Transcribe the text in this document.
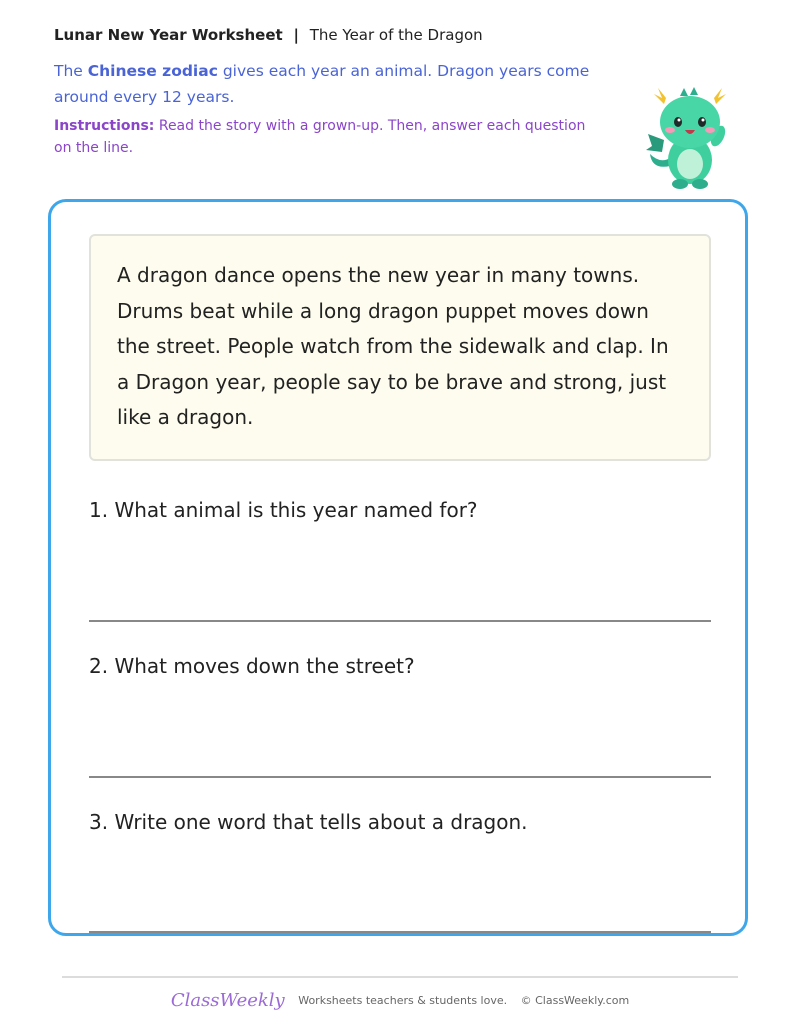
Lunar New Year Worksheet | The Year of the Dragon
The Chinese zodiac gives each year an animal. Dragon years come around every 12 years.
Instructions: Read the story with a grown-up. Then, answer each question on the line.
A dragon dance opens the new year in many towns. Drums beat while a long dragon puppet moves down the street. People watch from the sidewalk and clap. In a Dragon year, people say to be brave and strong, just like a dragon.
1. What animal is this year named for?
2. What moves down the street?
3. Write one word that tells about a dragon.
ClassWeekly Worksheets teachers & students love. © ClassWeekly.com
